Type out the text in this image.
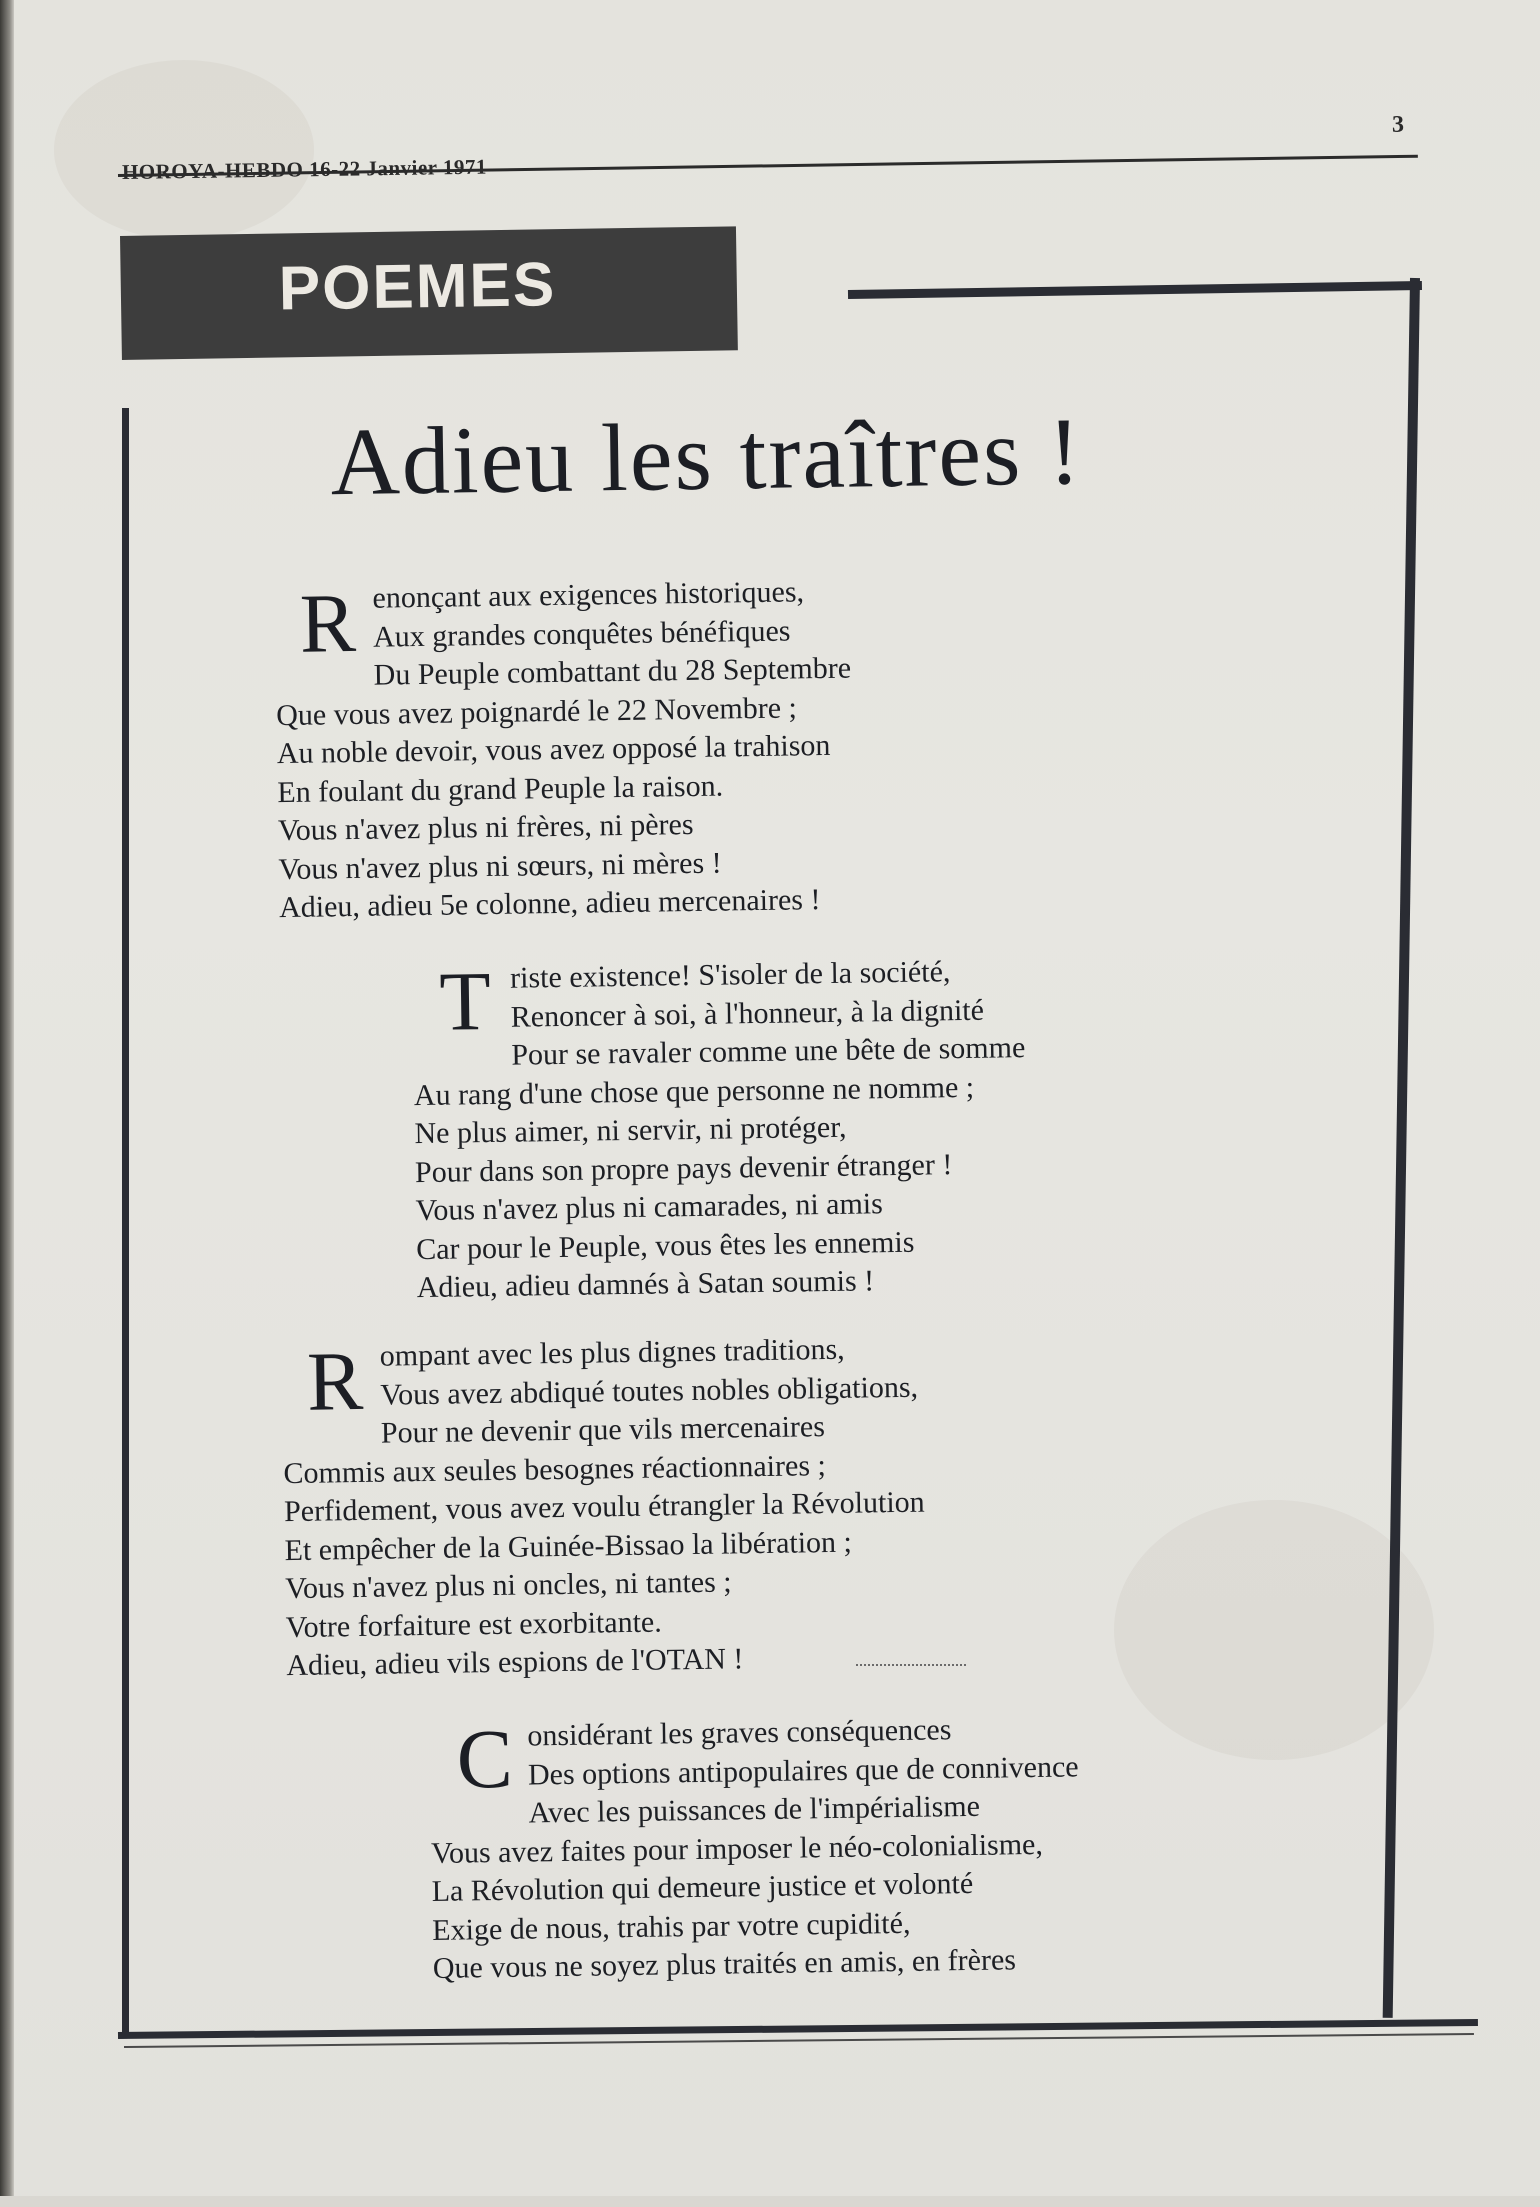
HOROYA-HEBDO 16-22 Janvier 1971
3
POEMES
Adieu les traîtres !
R enonçant aux exigences historiques,
Aux grandes conquêtes bénéfiques
Du Peuple combattant du 28 Septembre
Que vous avez poignardé le 22 Novembre ;
Au noble devoir, vous avez opposé la trahison
En foulant du grand Peuple la raison.
Vous n'avez plus ni frères, ni pères
Vous n'avez plus ni sœurs, ni mères !
Adieu, adieu 5e colonne, adieu mercenaires !
T riste existence! S'isoler de la société,
Renoncer à soi, à l'honneur, à la dignité
Pour se ravaler comme une bête de somme
Au rang d'une chose que personne ne nomme ;
Ne plus aimer, ni servir, ni protéger,
Pour dans son propre pays devenir étranger !
Vous n'avez plus ni camarades, ni amis
Car pour le Peuple, vous êtes les ennemis
Adieu, adieu damnés à Satan soumis !
R ompant avec les plus dignes traditions,
Vous avez abdiqué toutes nobles obligations,
Pour ne devenir que vils mercenaires
Commis aux seules besognes réactionnaires ;
Perfidement, vous avez voulu étrangler la Révolution
Et empêcher de la Guinée-Bissao la libération ;
Vous n'avez plus ni oncles, ni tantes ;
Votre forfaiture est exorbitante.
Adieu, adieu vils espions de l'OTAN !
C onsidérant les graves conséquences
Des options antipopulaires que de connivence
Avec les puissances de l'impérialisme
Vous avez faites pour imposer le néo-colonialisme,
La Révolution qui demeure justice et volonté
Exige de nous, trahis par votre cupidité,
Que vous ne soyez plus traités en amis, en frères
